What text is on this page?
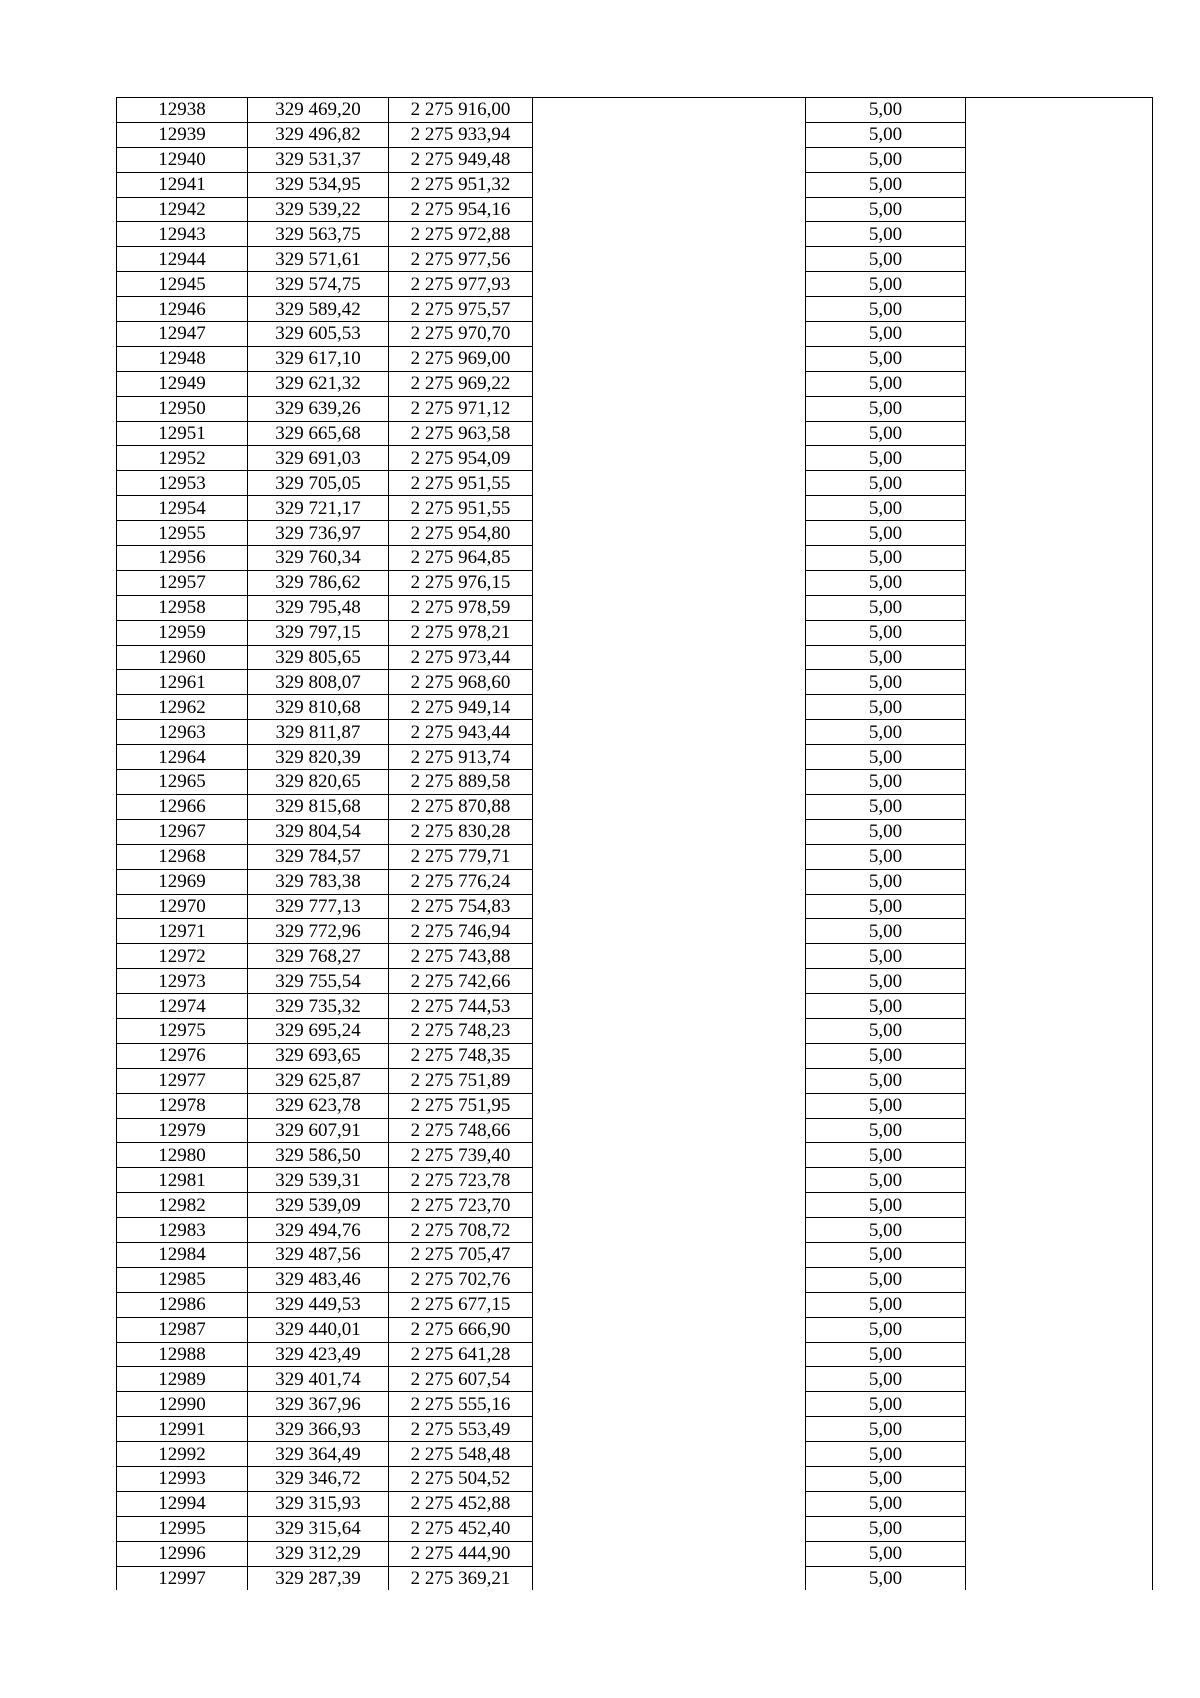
12938	329 469,20	2 275 916,00		5,00	
12939	329 496,82	2 275 933,94		5,00	
12940	329 531,37	2 275 949,48		5,00	
12941	329 534,95	2 275 951,32		5,00	
12942	329 539,22	2 275 954,16		5,00	
12943	329 563,75	2 275 972,88		5,00	
12944	329 571,61	2 275 977,56		5,00	
12945	329 574,75	2 275 977,93		5,00	
12946	329 589,42	2 275 975,57		5,00	
12947	329 605,53	2 275 970,70		5,00	
12948	329 617,10	2 275 969,00		5,00	
12949	329 621,32	2 275 969,22		5,00	
12950	329 639,26	2 275 971,12		5,00	
12951	329 665,68	2 275 963,58		5,00	
12952	329 691,03	2 275 954,09		5,00	
12953	329 705,05	2 275 951,55		5,00	
12954	329 721,17	2 275 951,55		5,00	
12955	329 736,97	2 275 954,80		5,00	
12956	329 760,34	2 275 964,85		5,00	
12957	329 786,62	2 275 976,15		5,00	
12958	329 795,48	2 275 978,59		5,00	
12959	329 797,15	2 275 978,21		5,00	
12960	329 805,65	2 275 973,44		5,00	
12961	329 808,07	2 275 968,60		5,00	
12962	329 810,68	2 275 949,14		5,00	
12963	329 811,87	2 275 943,44		5,00	
12964	329 820,39	2 275 913,74		5,00	
12965	329 820,65	2 275 889,58		5,00	
12966	329 815,68	2 275 870,88		5,00	
12967	329 804,54	2 275 830,28		5,00	
12968	329 784,57	2 275 779,71		5,00	
12969	329 783,38	2 275 776,24		5,00	
12970	329 777,13	2 275 754,83		5,00	
12971	329 772,96	2 275 746,94		5,00	
12972	329 768,27	2 275 743,88		5,00	
12973	329 755,54	2 275 742,66		5,00	
12974	329 735,32	2 275 744,53		5,00	
12975	329 695,24	2 275 748,23		5,00	
12976	329 693,65	2 275 748,35		5,00	
12977	329 625,87	2 275 751,89		5,00	
12978	329 623,78	2 275 751,95		5,00	
12979	329 607,91	2 275 748,66		5,00	
12980	329 586,50	2 275 739,40		5,00	
12981	329 539,31	2 275 723,78		5,00	
12982	329 539,09	2 275 723,70		5,00	
12983	329 494,76	2 275 708,72		5,00	
12984	329 487,56	2 275 705,47		5,00	
12985	329 483,46	2 275 702,76		5,00	
12986	329 449,53	2 275 677,15		5,00	
12987	329 440,01	2 275 666,90		5,00	
12988	329 423,49	2 275 641,28		5,00	
12989	329 401,74	2 275 607,54		5,00	
12990	329 367,96	2 275 555,16		5,00	
12991	329 366,93	2 275 553,49		5,00	
12992	329 364,49	2 275 548,48		5,00	
12993	329 346,72	2 275 504,52		5,00	
12994	329 315,93	2 275 452,88		5,00	
12995	329 315,64	2 275 452,40		5,00	
12996	329 312,29	2 275 444,90		5,00	
12997	329 287,39	2 275 369,21		5,00	
